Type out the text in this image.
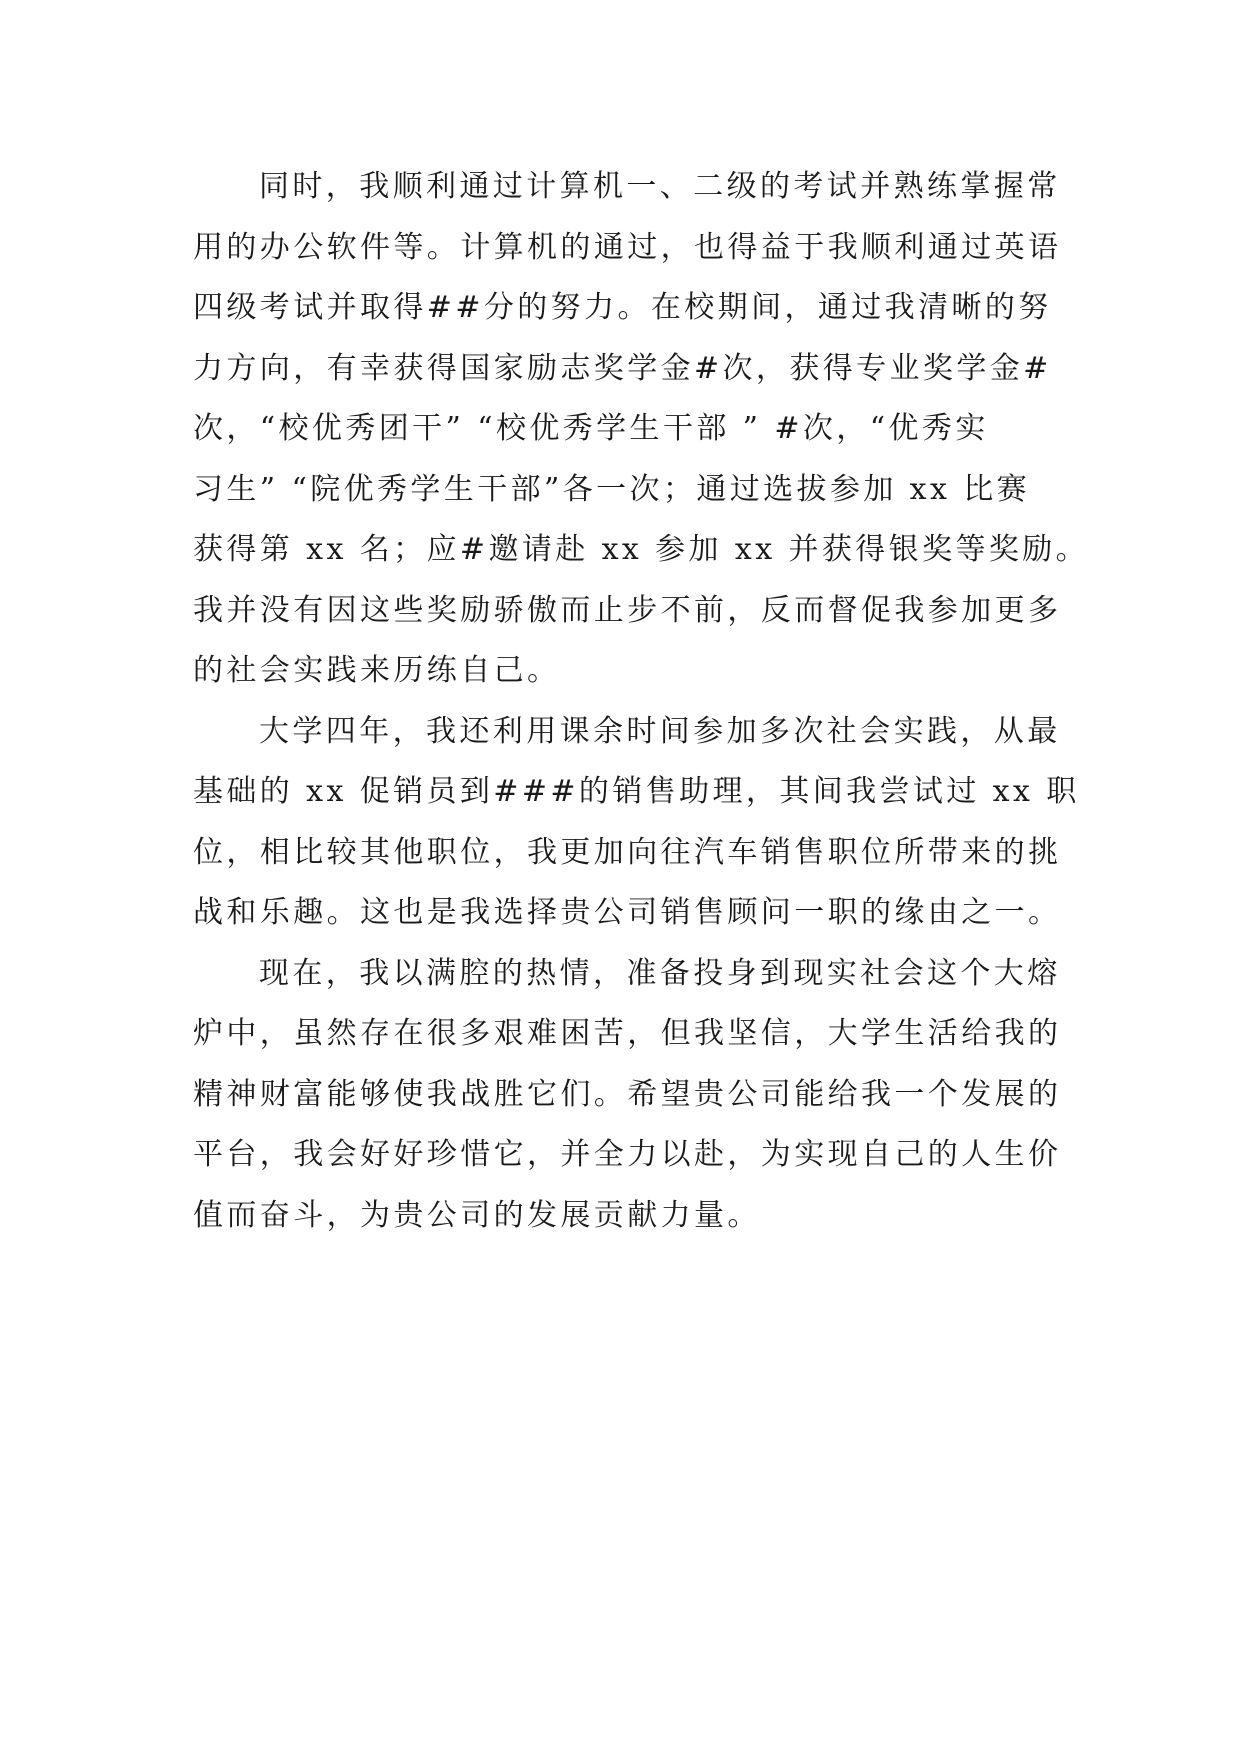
同时，我顺利通过计算机一、二级的考试并熟练掌握常
用的办公软件等。计算机的通过，也得益于我顺利通过英语
四级考试并取得##分的努力。在校期间，通过我清晰的努
力方向，有幸获得国家励志奖学金#次，获得专业奖学金#
次，“校优秀团干” “校优秀学生干部 ” #次，“优秀实
习生” “院优秀学生干部”各一次；通过选拔参加 xx 比赛
获得第 xx 名；应#邀请赴 xx 参加 xx 并获得银奖等奖励。
我并没有因这些奖励骄傲而止步不前，反而督促我参加更多
的社会实践来历练自己。
大学四年，我还利用课余时间参加多次社会实践，从最
基础的 xx 促销员到###的销售助理，其间我尝试过 xx 职
位，相比较其他职位，我更加向往汽车销售职位所带来的挑
战和乐趣。这也是我选择贵公司销售顾问一职的缘由之一。
现在，我以满腔的热情，准备投身到现实社会这个大熔
炉中，虽然存在很多艰难困苦，但我坚信，大学生活给我的
精神财富能够使我战胜它们。希望贵公司能给我一个发展的
平台，我会好好珍惜它，并全力以赴，为实现自己的人生价
值而奋斗，为贵公司的发展贡献力量。
